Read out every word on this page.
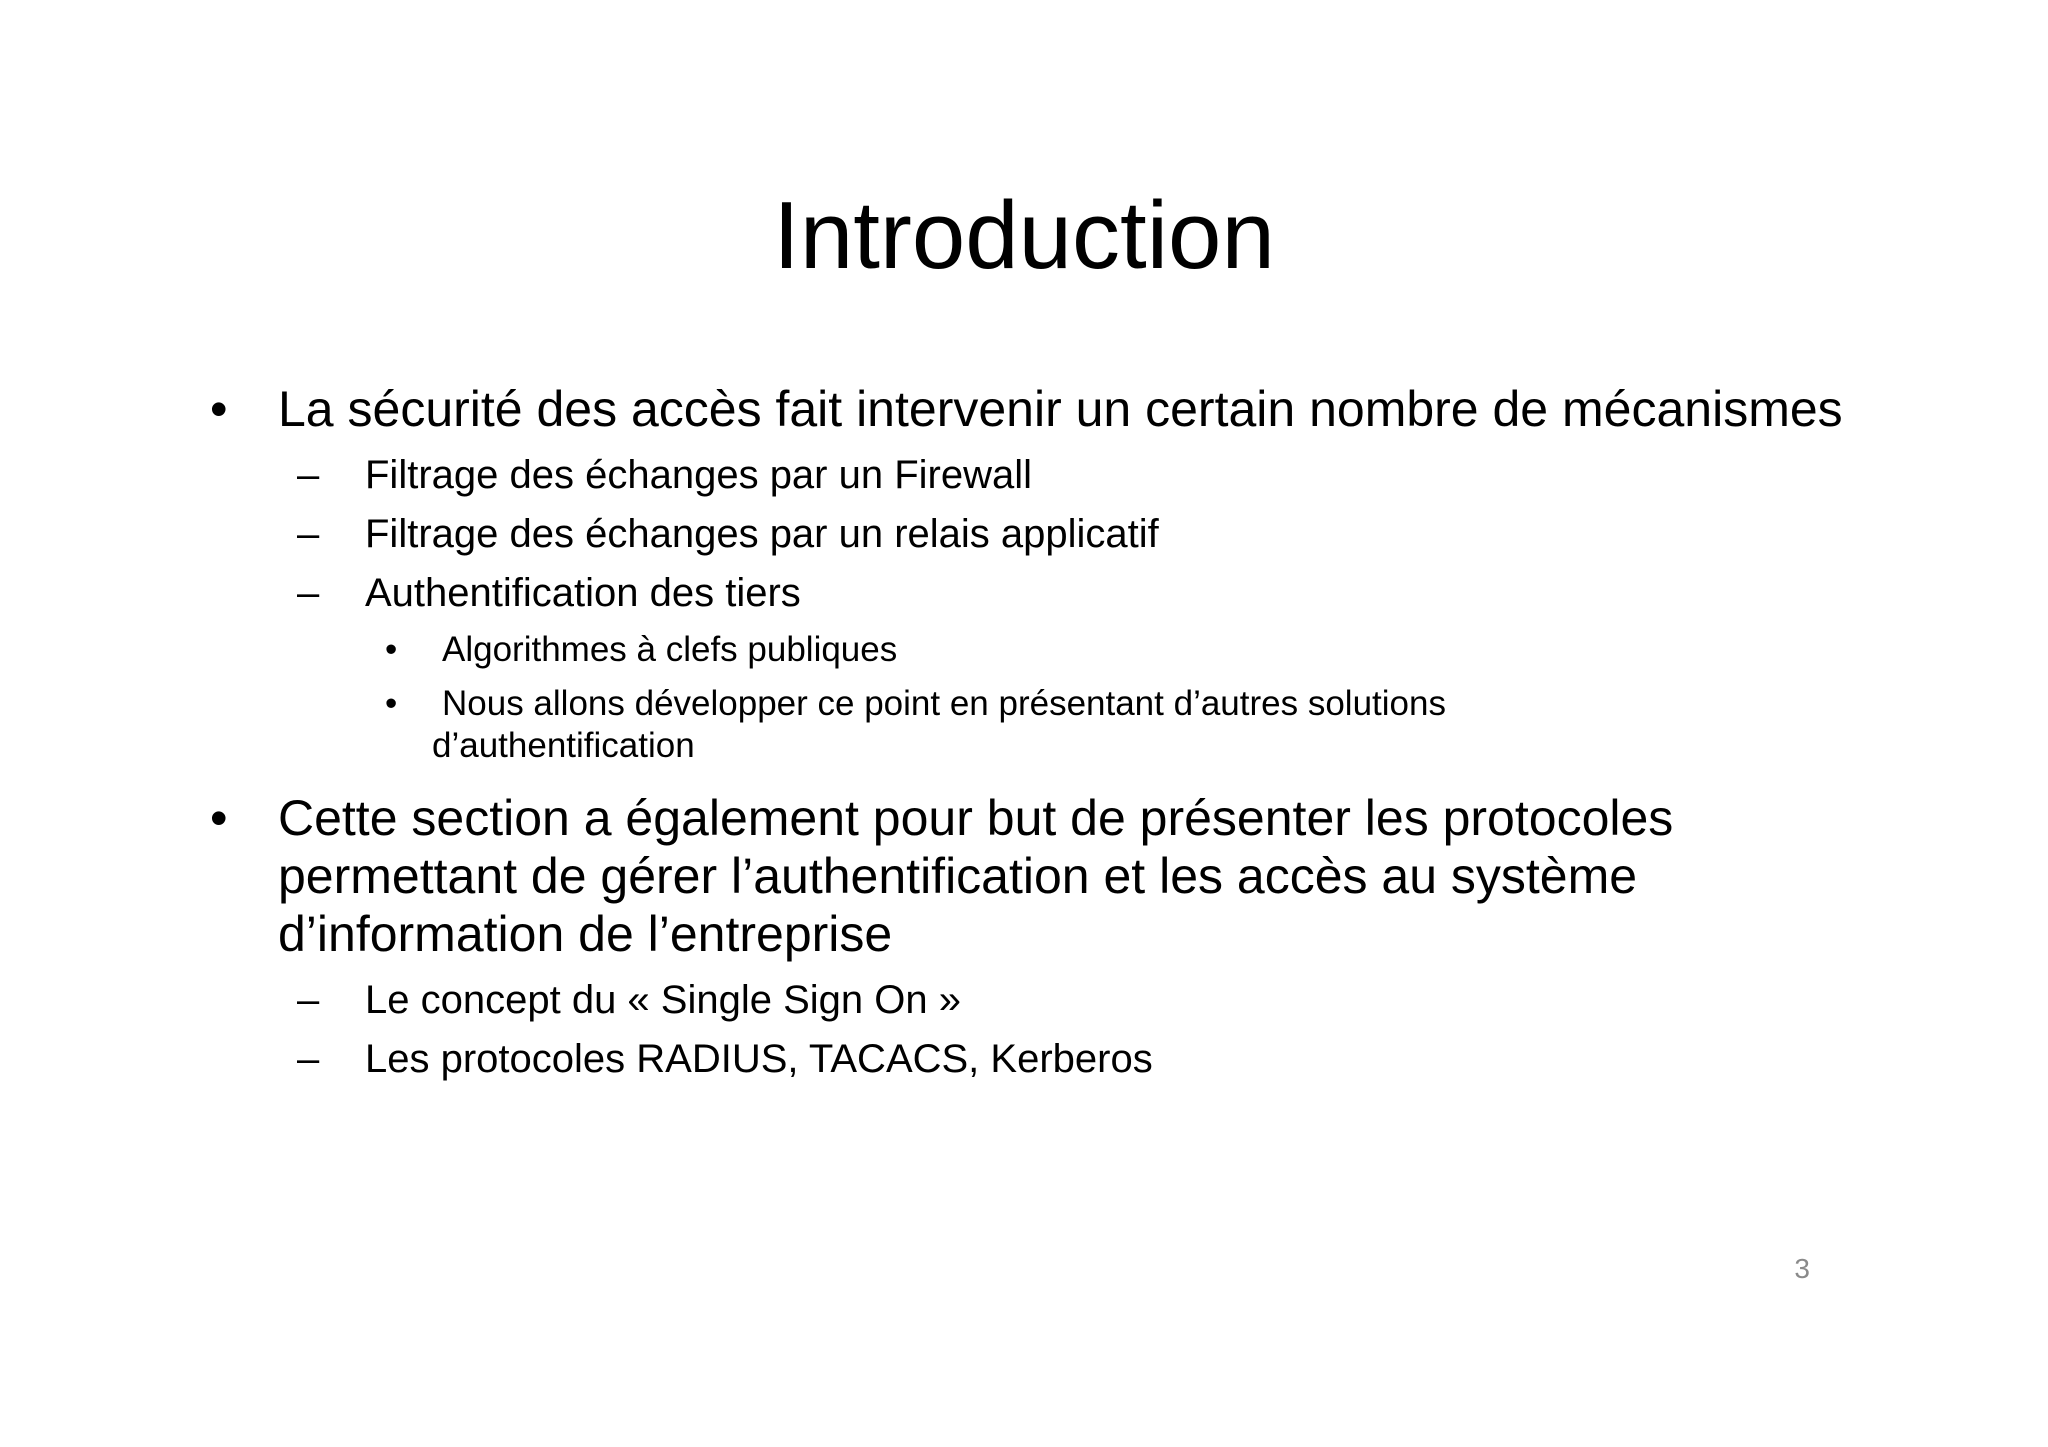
Introduction
• La sécurité des accès fait intervenir un certain nombre de mécanismes
– Filtrage des échanges par un Firewall
– Filtrage des échanges par un relais applicatif
– Authentification des tiers
• Algorithmes à clefs publiques
• Nous allons développer ce point en présentant d’autres solutions
d’authentification
• Cette section a également pour but de présenter les protocoles permettant de gérer l’authentification et les accès au système d’information de l’entreprise
– Le concept du « Single Sign On »
– Les protocoles RADIUS, TACACS, Kerberos
3
